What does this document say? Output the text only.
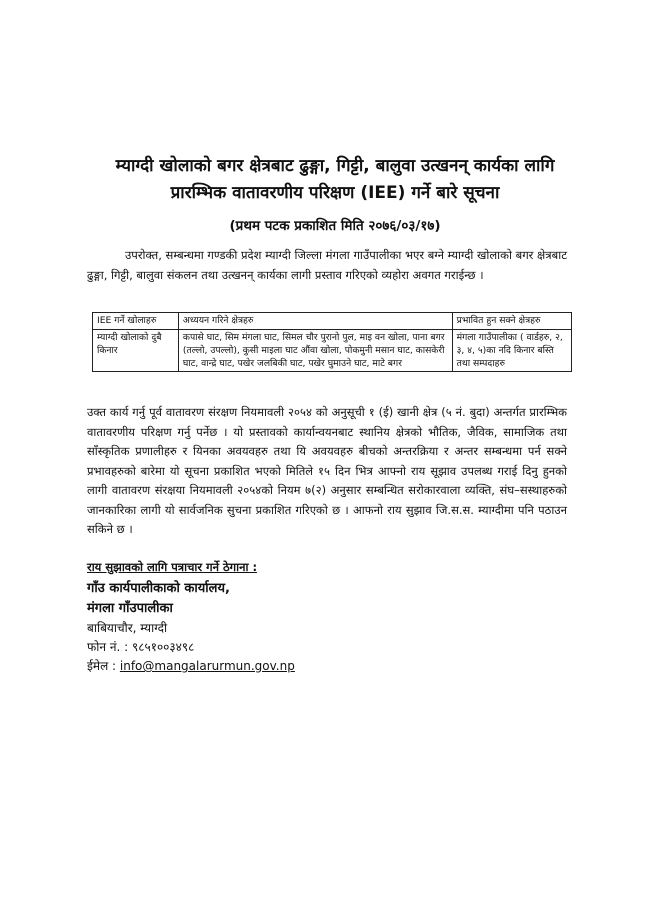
म्याग्दी खोलाको बगर क्षेत्रबाट ढुङ्गा, गिट्टी, बालुवा उत्खनन् कार्यका लागि
प्रारम्भिक वातावरणीय परिक्षण (IEE) गर्ने बारे सूचना
(प्रथम पटक प्रकाशित मिति २०७६/०३/१७)
उपरोक्त, सम्बन्धमा गण्डकी प्रदेश म्याग्दी जिल्ला मंगला गाउँपालीका भएर बग्ने म्याग्दी खोलाको बगर क्षेत्रबाट ढुङ्गा, गिट्टी, बालुवा संकलन तथा उत्खनन् कार्यका लागी प्रस्ताव गरिएको व्यहोरा अवगत गराईन्छ ।
IEE गर्ने खोलाहरु	अध्ययन गरिने क्षेत्रहरु	प्रभावित हुन सक्ने क्षेत्रहरु
म्याग्दी खोलाको दुबै किनार	कपासे घाट, सिम मंगला घाट, सिमल चौर पुरानो पुल, माइ वन खोला, पाना बगर (तल्लो, उपल्लो), कुसी माइला घाट औंवा खोला, पोकमुनी मसान घाट, कासकेरी घाट, वान्द्रे घाट, पखेर जलबिकी घाट, पखेर घुमाउने घाट, माटे बगर	मंगला गाउँपालीका ( वार्डहरु, २, ३, ४, ५)का नदि किनार बस्ति तथा सम्पदाहरु
उक्त कार्य गर्नु पूर्व वातावरण संरक्षण नियमावली २०५४ को अनुसूची १ (ई) खानी क्षेत्र (५ नं. बुदा) अन्तर्गत प्रारम्भिक वातावरणीय परिक्षण गर्नु पर्नेछ । यो प्रस्तावको कार्यान्वयनबाट स्थानिय क्षेत्रको भौतिक, जैविक, सामाजिक तथा साँस्कृतिक प्रणालीहरु र यिनका अवयवहरु तथा यि अवयवहरु बीचको अन्तरक्रिया र अन्तर सम्बन्धमा पर्न सक्ने प्रभावहरुको बारेमा यो सूचना प्रकाशित भएको मितिले १५ दिन भित्र आफ्नो राय सूझाव उपलब्ध गराई दिनु हुनको लागी वातावरण संरक्षया नियमावली २०५४को नियम ७(२) अनुसार सम्बन्धित सरोकारवाला व्यक्ति, संघ–सस्थाहरुको जानकारिका लागी यो सार्वजनिक सुचना प्रकाशित गरिएको छ । आफनो राय सुझाव जि.स.स. म्याग्दीमा पनि पठाउन सकिने छ ।
राय सुझावको लागि पत्राचार गर्ने ठेगाना :
गाँउ कार्यपालीकाको कार्यालय,
मंगला गाँउपालीका
बाबियाचौर, म्याग्दी
फोन नं. : ९८५१००३४९८
ईमेल : info@mangalarurmun.gov.np
